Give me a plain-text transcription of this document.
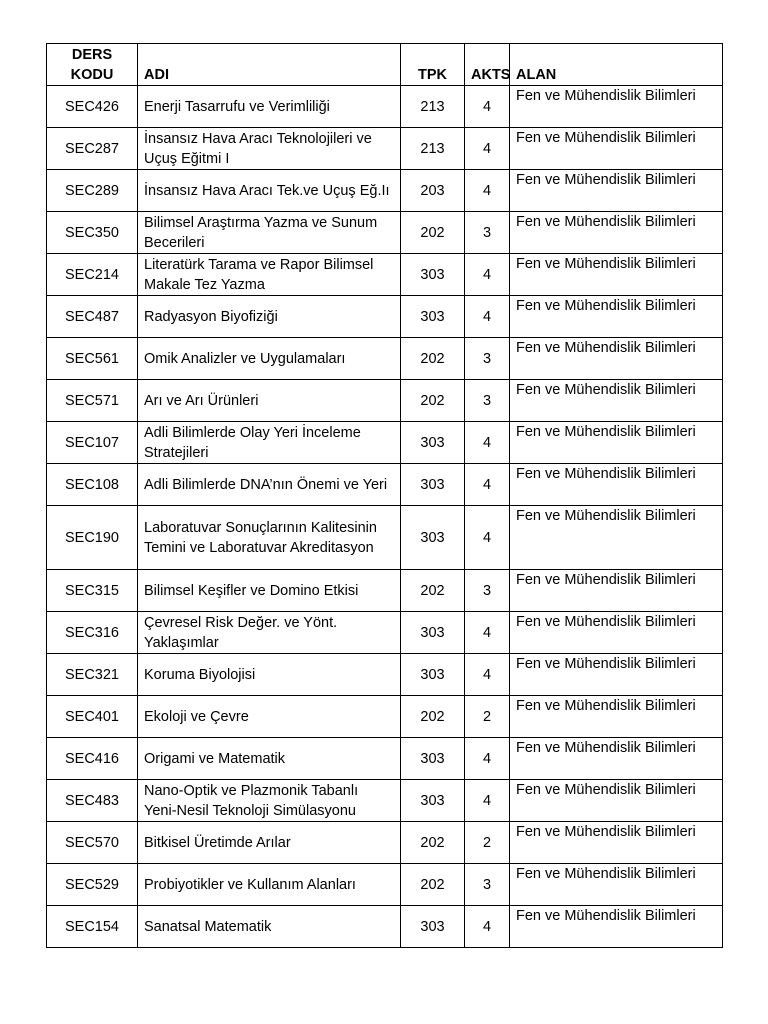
DERS KODU	ADI	TPK	AKTS	ALAN
SEC426	Enerji Tasarrufu ve Verimliliği	213	4	Fen ve Mühendislik Bilimleri
SEC287	İnsansız Hava Aracı Teknolojileri ve Uçuş Eğitmi I	213	4	Fen ve Mühendislik Bilimleri
SEC289	İnsansız Hava Aracı Tek.ve Uçuş Eğ.Iı	203	4	Fen ve Mühendislik Bilimleri
SEC350	Bilimsel Araştırma Yazma ve Sunum Becerileri	202	3	Fen ve Mühendislik Bilimleri
SEC214	Literatürk Tarama ve Rapor Bilimsel Makale Tez Yazma	303	4	Fen ve Mühendislik Bilimleri
SEC487	Radyasyon Biyofiziği	303	4	Fen ve Mühendislik Bilimleri
SEC561	Omik Analizler ve Uygulamaları	202	3	Fen ve Mühendislik Bilimleri
SEC571	Arı ve Arı Ürünleri	202	3	Fen ve Mühendislik Bilimleri
SEC107	Adli Bilimlerde Olay Yeri İnceleme Stratejileri	303	4	Fen ve Mühendislik Bilimleri
SEC108	Adli Bilimlerde DNA’nın Önemi ve Yeri	303	4	Fen ve Mühendislik Bilimleri
SEC190	Laboratuvar Sonuçlarının Kalitesinin Temini ve Laboratuvar Akreditasyon	303	4	Fen ve Mühendislik Bilimleri
SEC315	Bilimsel Keşifler ve Domino Etkisi	202	3	Fen ve Mühendislik Bilimleri
SEC316	Çevresel Risk Değer. ve Yönt. Yaklaşımlar	303	4	Fen ve Mühendislik Bilimleri
SEC321	Koruma Biyolojisi	303	4	Fen ve Mühendislik Bilimleri
SEC401	Ekoloji ve Çevre	202	2	Fen ve Mühendislik Bilimleri
SEC416	Origami ve Matematik	303	4	Fen ve Mühendislik Bilimleri
SEC483	Nano-Optik ve Plazmonik Tabanlı Yeni-Nesil Teknoloji Simülasyonu	303	4	Fen ve Mühendislik Bilimleri
SEC570	Bitkisel Üretimde Arılar	202	2	Fen ve Mühendislik Bilimleri
SEC529	Probiyotikler ve Kullanım Alanları	202	3	Fen ve Mühendislik Bilimleri
SEC154	Sanatsal Matematik	303	4	Fen ve Mühendislik Bilimleri
